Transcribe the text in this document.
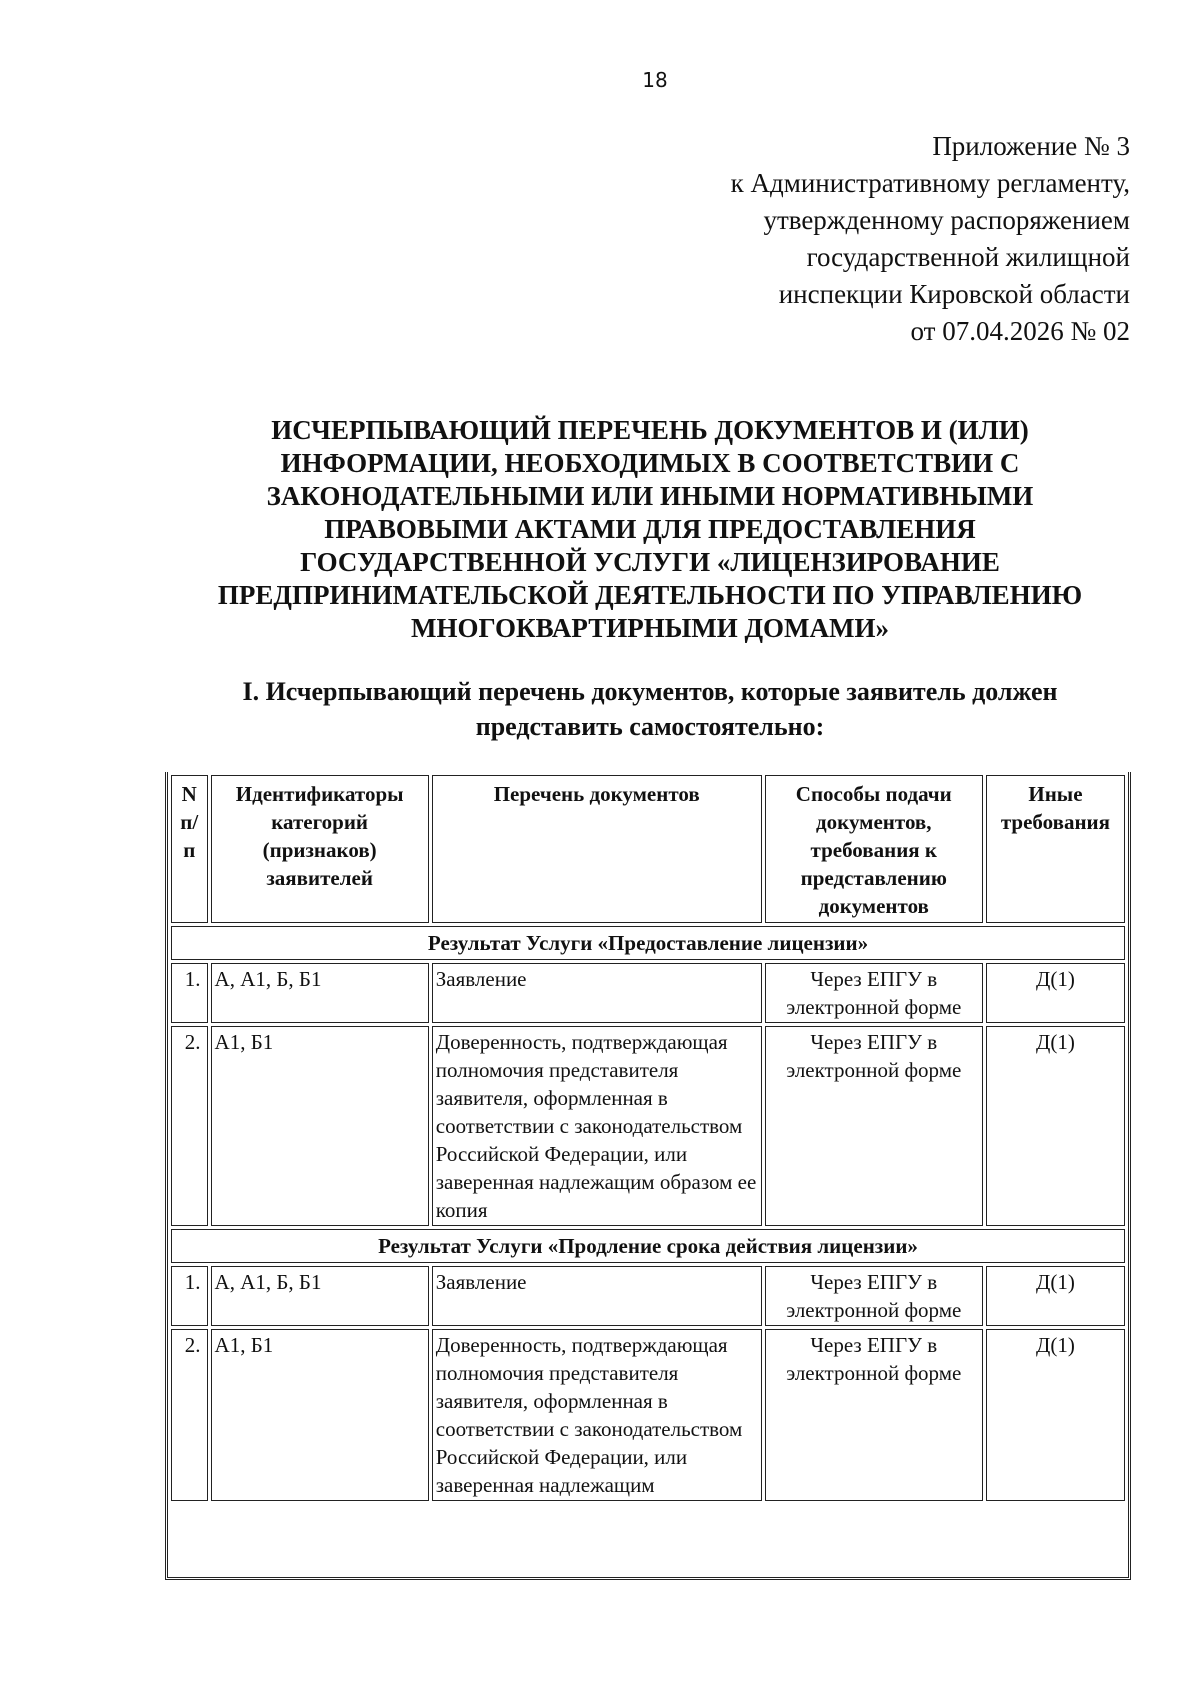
18
Приложение № 3
к Административному регламенту,
утвержденному распоряжением
государственной жилищной
инспекции Кировской области
от 07.04.2026 № 02
ИСЧЕРПЫВАЮЩИЙ ПЕРЕЧЕНЬ ДОКУМЕНТОВ И (ИЛИ)
ИНФОРМАЦИИ, НЕОБХОДИМЫХ В СООТВЕТСТВИИ С
ЗАКОНОДАТЕЛЬНЫМИ ИЛИ ИНЫМИ НОРМАТИВНЫМИ
ПРАВОВЫМИ АКТАМИ ДЛЯ ПРЕДОСТАВЛЕНИЯ
ГОСУДАРСТВЕННОЙ УСЛУГИ «ЛИЦЕНЗИРОВАНИЕ
ПРЕДПРИНИМАТЕЛЬСКОЙ ДЕЯТЕЛЬНОСТИ ПО УПРАВЛЕНИЮ
МНОГОКВАРТИРНЫМИ ДОМАМИ»
I. Исчерпывающий перечень документов, которые заявитель должен
представить самостоятельно:
N п/п	Идентификаторы категорий (признаков) заявителей	Перечень документов	Способы подачи документов, требования к представлению документов	Иные требования
Результат Услуги «Предоставление лицензии»				
1.	А, А1, Б, Б1	Заявление	Через ЕПГУ в электронной форме	Д(1)
2.	А1, Б1	Доверенность, подтверждающая полномочия представителя заявителя, оформленная в соответствии с законодательством Российской Федерации, или заверенная надлежащим образом ее копия	Через ЕПГУ в электронной форме	Д(1)
Результат Услуги «Продление срока действия лицензии»				
1.	А, А1, Б, Б1	Заявление	Через ЕПГУ в электронной форме	Д(1)
2.	А1, Б1	Доверенность, подтверждающая полномочия представителя заявителя, оформленная в соответствии с законодательством Российской Федерации, или заверенная надлежащим	Через ЕПГУ в электронной форме	Д(1)
